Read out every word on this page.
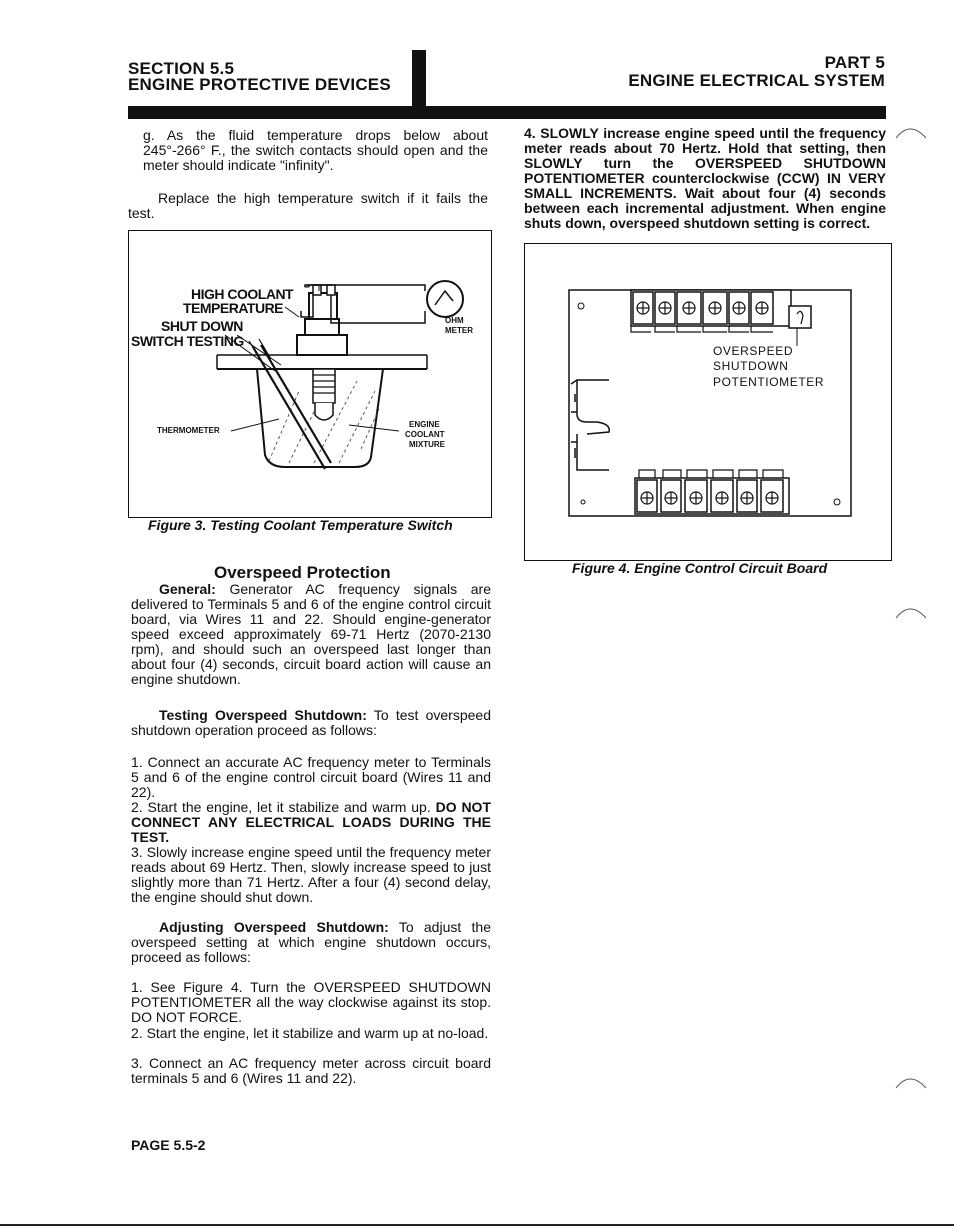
SECTION 5.5
ENGINE PROTECTIVE DEVICES
PART 5
ENGINE ELECTRICAL SYSTEM
g. As the fluid temperature drops below about 245°-266° F., the switch contacts should open and the meter should indicate "infinity".
Replace the high temperature switch if it fails the test.
HIGH COOLANT
TEMPERATURE
SHUT DOWN
SWITCH TESTING
OHM
METER
THERMOMETER
ENGINE
COOLANT
MIXTURE
Figure 3. Testing Coolant Temperature Switch
Overspeed Protection
General: Generator AC frequency signals are delivered to Terminals 5 and 6 of the engine control circuit board, via Wires 11 and 22. Should engine-generator speed exceed approximately 69-71 Hertz (2070-2130 rpm), and should such an overspeed last longer than about four (4) seconds, circuit board action will cause an engine shutdown.
Testing Overspeed Shutdown: To test overspeed shutdown operation proceed as follows:
1. Connect an accurate AC frequency meter to Terminals 5 and 6 of the engine control circuit board (Wires 11 and 22).
2. Start the engine, let it stabilize and warm up. DO NOT CONNECT ANY ELECTRICAL LOADS DURING THE TEST.
3. Slowly increase engine speed until the frequency meter reads about 69 Hertz. Then, slowly increase speed to just slightly more than 71 Hertz. After a four (4) second delay, the engine should shut down.
Adjusting Overspeed Shutdown: To adjust the overspeed setting at which engine shutdown occurs, proceed as follows:
1. See Figure 4. Turn the OVERSPEED SHUTDOWN POTENTIOMETER all the way clockwise against its stop. DO NOT FORCE.
2. Start the engine, let it stabilize and warm up at no-load.
3. Connect an AC frequency meter across circuit board terminals 5 and 6 (Wires 11 and 22).
4. SLOWLY increase engine speed until the frequency meter reads about 70 Hertz. Hold that setting, then SLOWLY turn the OVERSPEED SHUTDOWN POTENTIOMETER counterclockwise (CCW) IN VERY SMALL INCREMENTS. Wait about four (4) seconds between each incremental adjustment. When engine shuts down, overspeed shutdown setting is correct.
OVERSPEED
SHUTDOWN
POTENTIOMETER
Figure 4. Engine Control Circuit Board
PAGE 5.5-2
